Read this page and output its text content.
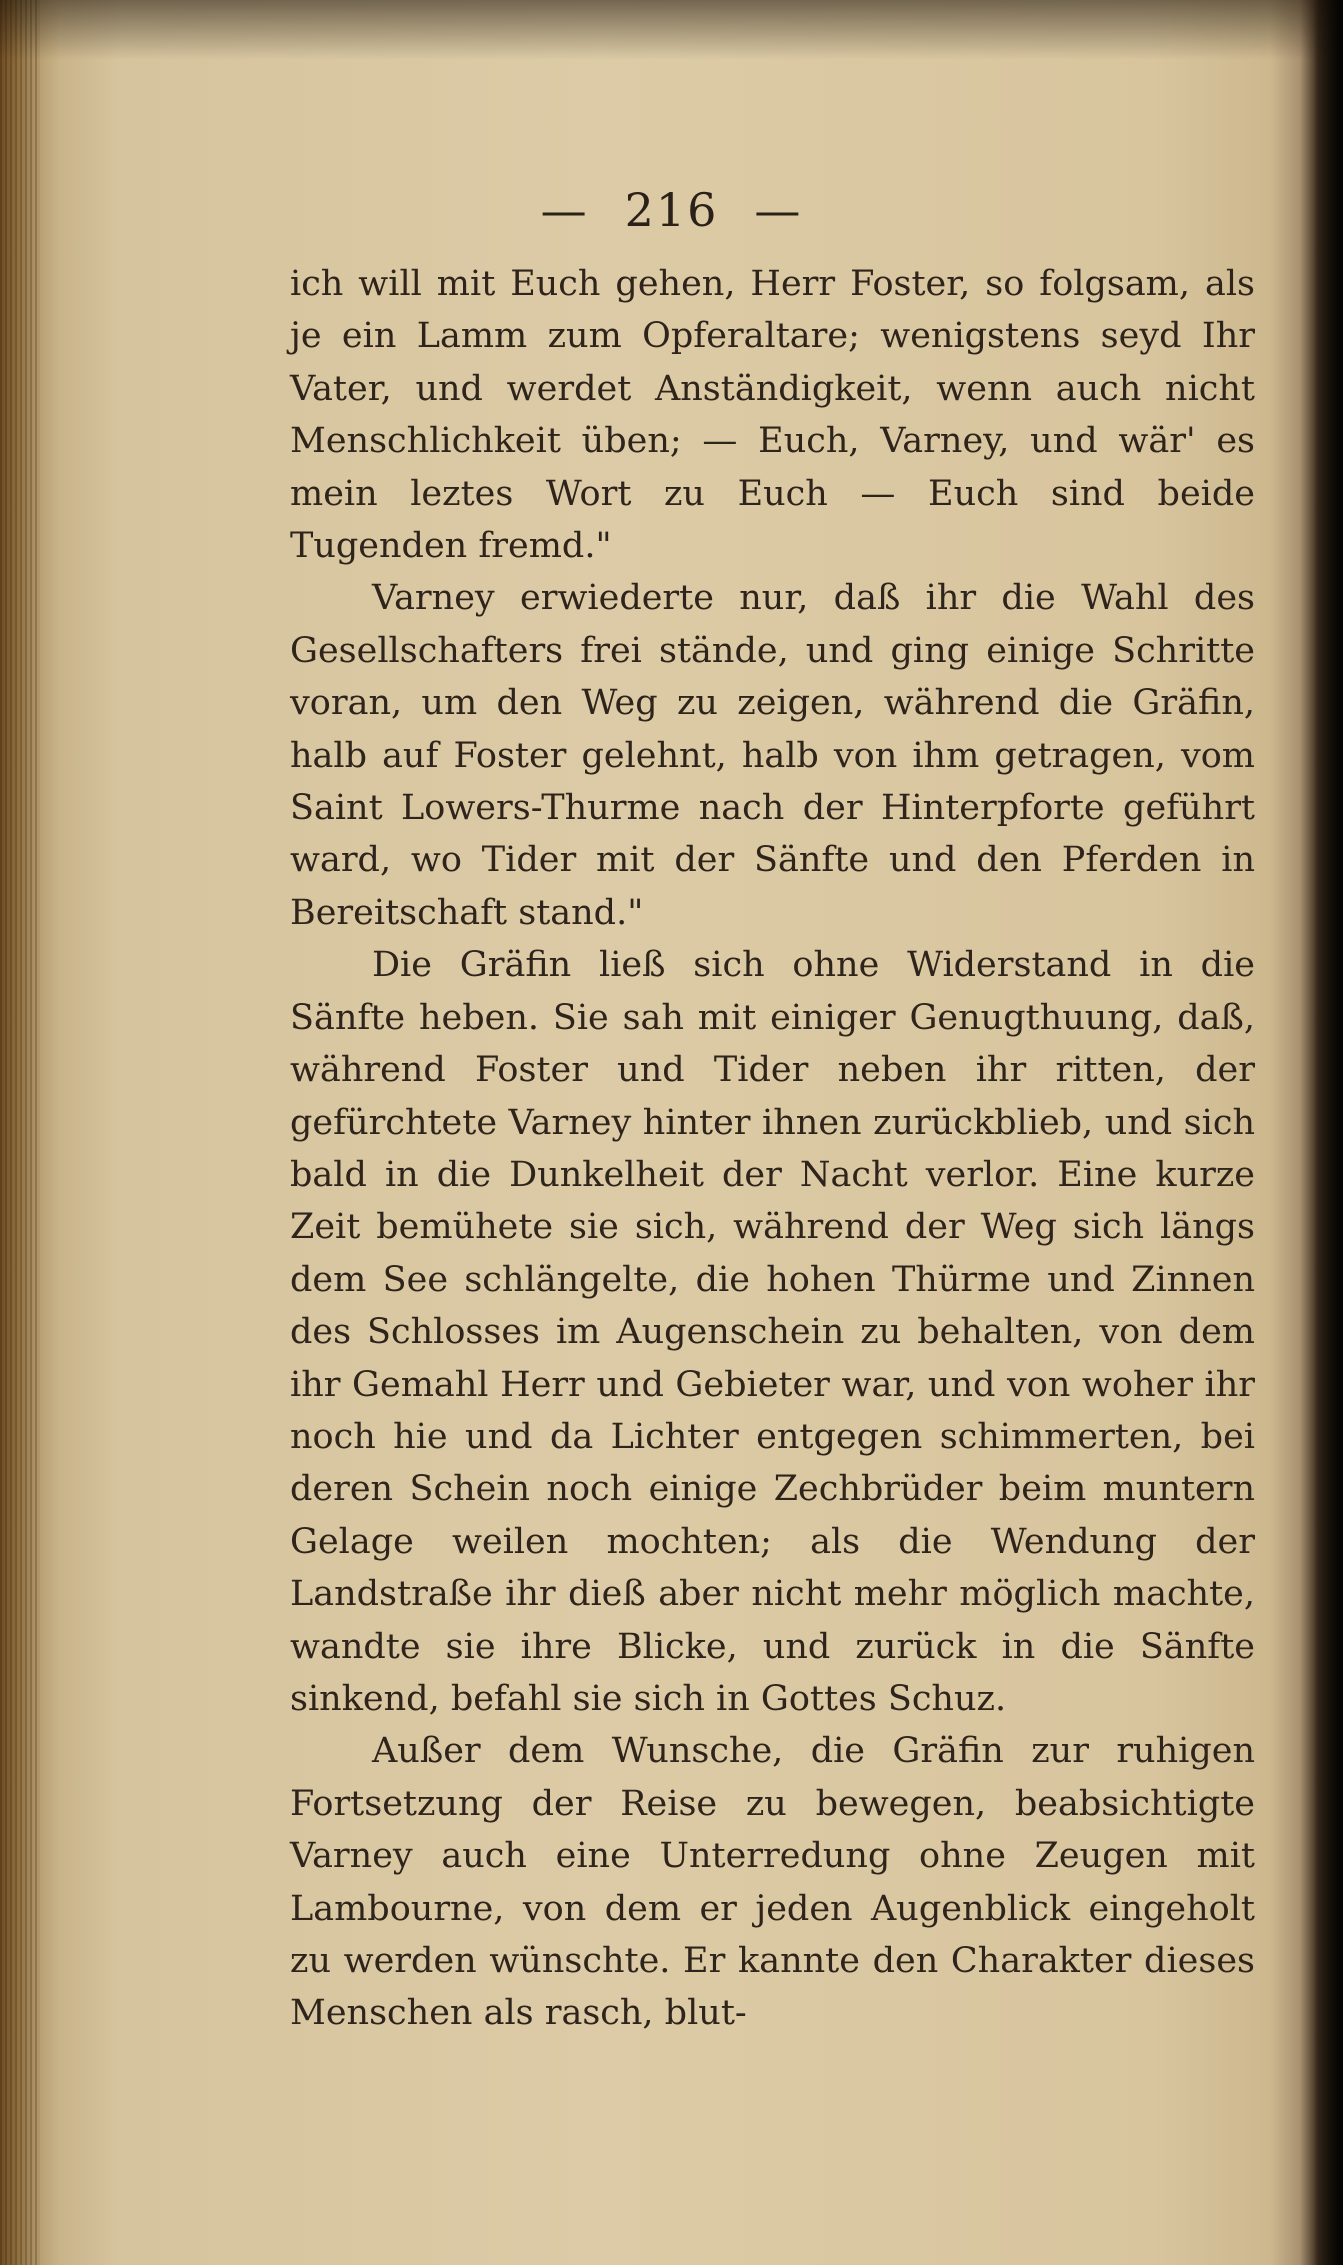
— 216 —

ich will mit Euch gehen, Herr Foster, so folgsam, als je ein Lamm zum Opferaltare; wenigstens seyd Ihr Vater, und werdet Anständigkeit, wenn auch nicht Menschlichkeit üben; — Euch, Varney, und wär' es mein leztes Wort zu Euch — Euch sind beide Tugenden fremd."

Varney erwiederte nur, daß ihr die Wahl des Gesellschafters frei stände, und ging einige Schritte voran, um den Weg zu zeigen, während die Gräfin, halb auf Foster gelehnt, halb von ihm getragen, vom Saint Lowers-Thurme nach der Hinterpforte geführt ward, wo Tider mit der Sänfte und den Pferden in Bereitschaft stand."

Die Gräfin ließ sich ohne Widerstand in die Sänfte heben. Sie sah mit einiger Genugthuung, daß, während Foster und Tider neben ihr ritten, der gefürchtete Varney hinter ihnen zurückblieb, und sich bald in die Dunkelheit der Nacht verlor. Eine kurze Zeit bemühete sie sich, während der Weg sich längs dem See schlängelte, die hohen Thürme und Zinnen des Schlosses im Augenschein zu behalten, von dem ihr Gemahl Herr und Gebieter war, und von woher ihr noch hie und da Lichter entgegen schimmerten, bei deren Schein noch einige Zechbrüder beim muntern Gelage weilen mochten; als die Wendung der Landstraße ihr dieß aber nicht mehr möglich machte, wandte sie ihre Blicke, und zurück in die Sänfte sinkend, befahl sie sich in Gottes Schuz.

Außer dem Wunsche, die Gräfin zur ruhigen Fortsetzung der Reise zu bewegen, beabsichtigte Varney auch eine Unterredung ohne Zeugen mit Lambourne, von dem er jeden Augenblick eingeholt zu werden wünschte. Er kannte den Charakter dieses Menschen als rasch, blut-
